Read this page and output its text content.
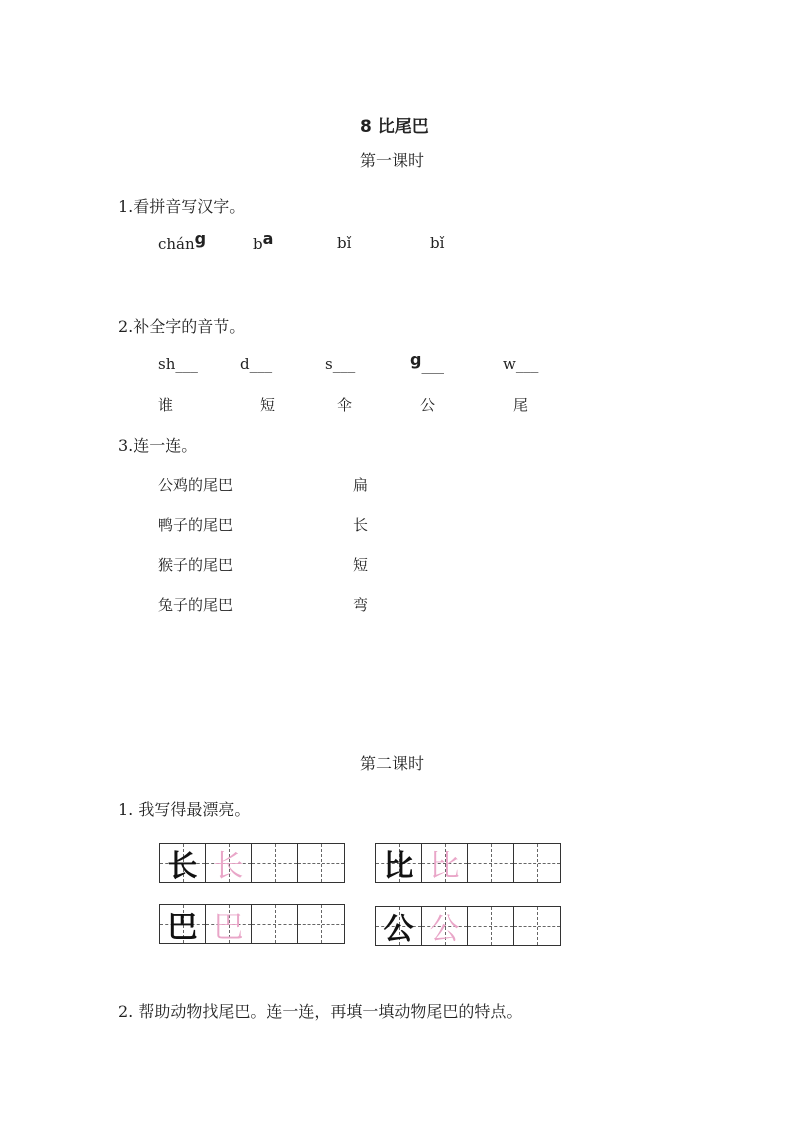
8 比尾巴
第一课时
1.看拼音写汉字。
cháng	ba	bǐ	bǐ
2.补全字的音节。
sh___	d___	s___	g___	w___
谁	短	伞	公	尾
3.连一连。
公鸡的尾巴
鸭子的尾巴
猴子的尾巴
兔子的尾巴
扁
长
短
弯
第二课时
1. 我写得最漂亮。
长 长	比 比
巴 巴	公 公
2. 帮助动物找尾巴。连一连，再填一填动物尾巴的特点。
